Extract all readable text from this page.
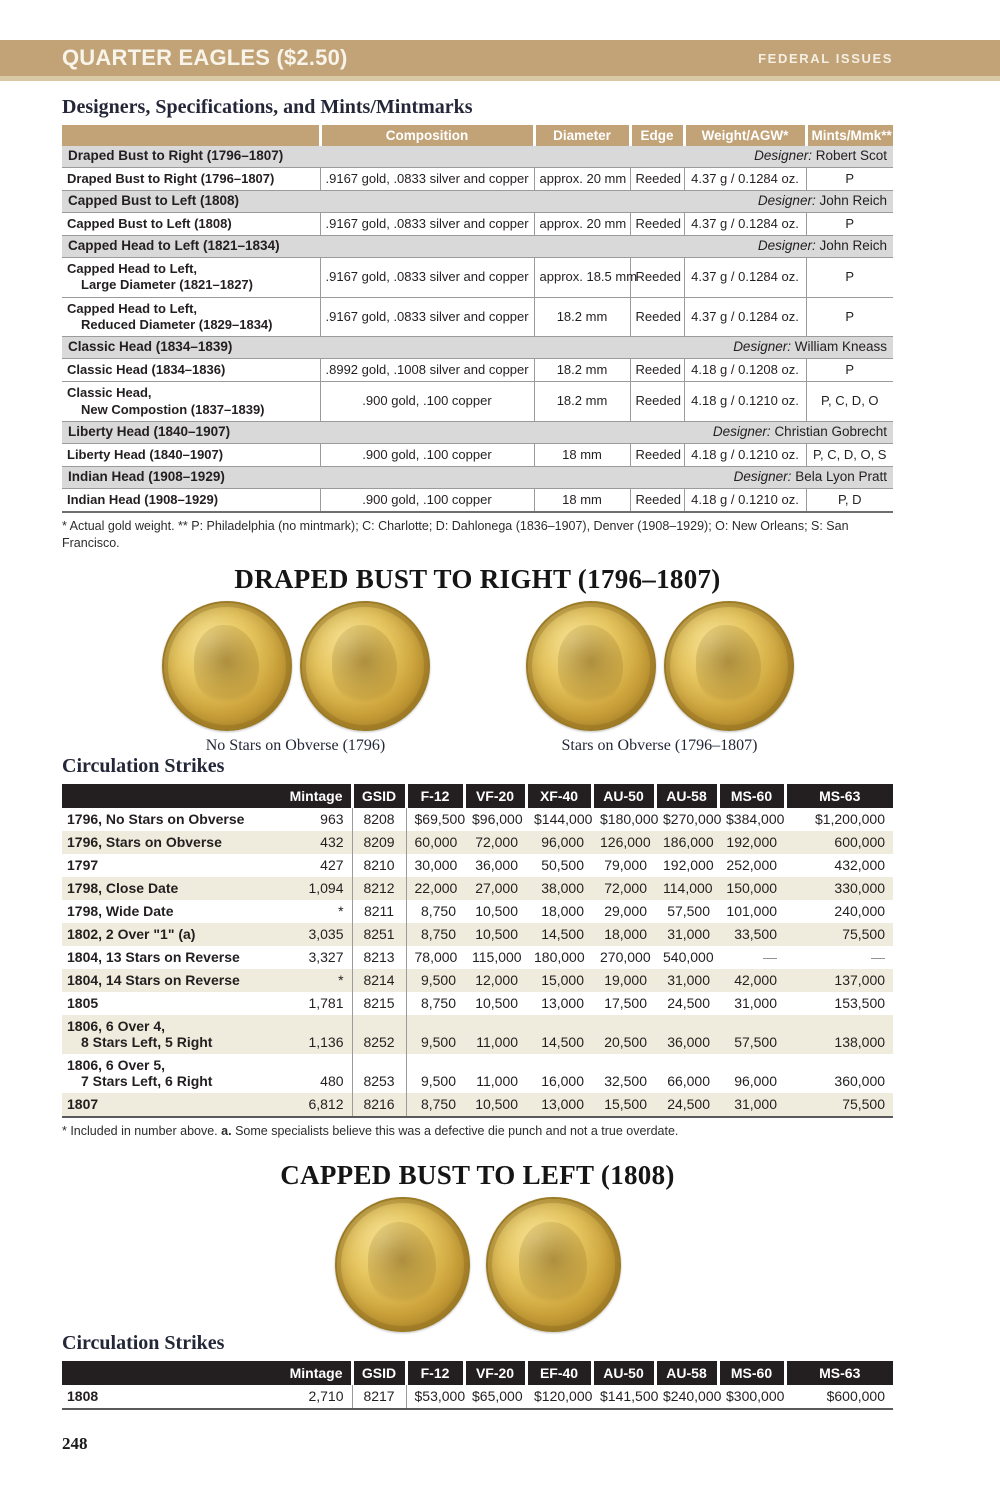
QUARTER EAGLES ($2.50)	FEDERAL ISSUES
Designers, Specifications, and Mints/Mintmarks
	Composition	Diameter	Edge	Weight/AGW*	Mints/Mmk**
Draped Bust to Right (1796–1807) Designer: Robert Scot					

Draped Bust to Right (1796–1807)	.9167 gold, .0833 silver and copper	approx. 20 mm	Reeded	4.37 g / 0.1284 oz.	P
Capped Bust to Left (1808) Designer: John Reich					

Capped Bust to Left (1808)	.9167 gold, .0833 silver and copper	approx. 20 mm	Reeded	4.37 g / 0.1284 oz.	P
Capped Head to Left (1821–1834) Designer: John Reich					

Capped Head to Left,
Large Diameter (1821–1827)	.9167 gold, .0833 silver and copper	approx. 18.5 mm	Reeded	4.37 g / 0.1284 oz.	P

Capped Head to Left,
Reduced Diameter (1829–1834)	.9167 gold, .0833 silver and copper	18.2 mm	Reeded	4.37 g / 0.1284 oz.	P
Classic Head (1834–1839) Designer: William Kneass					

Classic Head (1834–1836)	.8992 gold, .1008 silver and copper	18.2 mm	Reeded	4.18 g / 0.1208 oz.	P

Classic Head,
New Compostion (1837–1839)	.900 gold, .100 copper	18.2 mm	Reeded	4.18 g / 0.1210 oz.	P, C, D, O
Liberty Head (1840–1907) Designer: Christian Gobrecht					

Liberty Head (1840–1907)	.900 gold, .100 copper	18 mm	Reeded	4.18 g / 0.1210 oz.	P, C, D, O, S
Indian Head (1908–1929) Designer: Bela Lyon Pratt					

Indian Head (1908–1929)	.900 gold, .100 copper	18 mm	Reeded	4.18 g / 0.1210 oz.	P, D

* Actual gold weight. ** P: Philadelphia (no mintmark); C: Charlotte; D: Dahlonega (1836–1907), Denver (1908–1929); O: New Orleans; S: San Francisco.

DRAPED BUST TO RIGHT (1796–1807)
No Stars on Obverse (1796)	Stars on Obverse (1796–1807)
Circulation Strikes
Mintage		GSID	F-12	VF-20	XF-40	AU-50	AU-58	MS-60	MS-63

1796, No Stars on Obverse	963	8208	$69,500	$96,000	$144,000	$180,000	$270,000	$384,000	$1,200,000

1796, Stars on Obverse	432	8209	60,000	72,000	96,000	126,000	186,000	192,000	600,000

1797	427	8210	30,000	36,000	50,500	79,000	192,000	252,000	432,000

1798, Close Date	1,094	8212	22,000	27,000	38,000	72,000	114,000	150,000	330,000

1798, Wide Date	*	8211	8,750	10,500	18,000	29,000	57,500	101,000	240,000

1802, 2 Over "1" (a)	3,035	8251	8,750	10,500	14,500	18,000	31,000	33,500	75,500

1804, 13 Stars on Reverse	3,327	8213	78,000	115,000	180,000	270,000	540,000	—	—

1804, 14 Stars on Reverse	*	8214	9,500	12,000	15,000	19,000	31,000	42,000	137,000

1805	1,781	8215	8,750	10,500	13,000	17,500	24,500	31,000	153,500

1806, 6 Over 4,
8 Stars Left, 5 Right	1,136	8252	9,500	11,000	14,500	20,500	36,000	57,500	138,000

1806, 6 Over 5,
7 Stars Left, 6 Right	480	8253	9,500	11,000	16,000	32,500	66,000	96,000	360,000

1807	6,812	8216	8,750	10,500	13,000	15,500	24,500	31,000	75,500

* Included in number above. a. Some specialists believe this was a defective die punch and not a true overdate.

CAPPED BUST TO LEFT (1808)
Circulation Strikes
Mintage		GSID	F-12	VF-20	EF-40	AU-50	AU-58	MS-60	MS-63

1808	2,710	8217	$53,000	$65,000	$120,000	$141,500	$240,000	$300,000	$600,000
248
